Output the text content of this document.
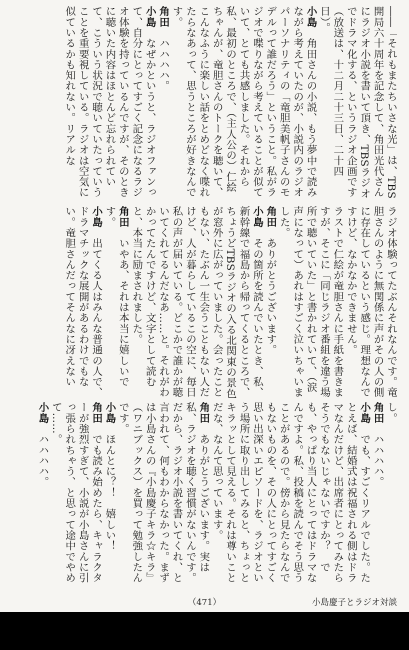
――「それもまたちいさな光」は、TBS開局六十周年を記念して、角田光代さんにラジオ小説を書いて頂き、TBSラジオでドラマ化する、というラジオ企画です（放送は、十二月二十三日、二十四日）。
小島　角田さんの小説、もう夢中で読みながら考えていたのが、小説内のラジオパーソナリティの「竜胆美帆子さんのモデルって誰だろう」ということ。私がラジオで喋りながら考えていることが似ていて、とても共感しました。それから私、最初のところで、（主人公の）仁絵ちゃんが、竜胆さんのトークを聴いて、こんなふうに楽しい話をとめどなく喋れたらなあって、思うところが好きなんです。
角田　ハハハハ。
小島　なぜかというと、ラジオファンって、自分にとってすごく記念になるラジオ体験を持っているんですが、そのときに聴いた内容はほとんど忘れられていて、こういう状況で聴いていたっていうことを重要視している。ラジオは空気に似ているかも知れない。リアルな
ラジオ体験ってたぶんそれなんです。竜胆さんのように無関係に声がその人の側に存在しているという感じ。理想なんですけど、なかなかできません。
ラストで仁絵が竜胆さんに手紙を書きますが、そこに「同じラジオ番組を違う場所で聴いていた」と書かれていて、（涙声になって）あれはすごく泣いちゃいました。
角田　ありがとうございます。
小島　その箇所を読んでいたとき、私、新幹線で福島から帰ってくるところで、ちょうどTBSラジオの入る北関東の景色が窓外に広がっていました。会ったこともない、たぶん一生会うこともない人だけど、人が暮らしているこの空に、毎日私の声が届いている。どこかで誰かが聴いてくれてるんだなあ……と。それがわかってたんですけど、文字として読むと、本当に励まされました。
角田　いやあ、それは本当に嬉しいです。
小島　出てくる人はみんな普通の人で、ドラマチックな展開があるわけでもない。竜胆さんだってそんなに冴えない
し。
角田　ハハハハ。
小島　でも、すごくリアルでした。たとえば、結婚式は祝福される側はドラマなんだけど、出席者にとってみたらそうでもないじゃないですか？　でも、やっぱり当人にとってはドラマなんですよ。私、投稿を読んでそう思うことがあるので。傍から見たらなんでもないものを、その人にとってすごく思い出深いエピソードを、ラジオという場所に取り出してみると、ちょっとキラッとして見える。それは尊いことだな、なんて思っています。
角田　ありがとうございます。実は私、ラジオを聴く習慣がないんです。だから、ラジオ小説を書いてくれ、と言われて、何もわからなかった。まずは小島さんの『小島慶子キラ☆キラ』（ワニブックス）を買って勉強したんです。
小島　ほんとに？！　嬉しい！
角田　でも読み始めたら、キャラクターが強烈すぎて、小説が小島さんに引っ張られちゃう、と思って途中でやめて……。
小島　ハハハハ。
小島慶子とラジオ対談
（471）
